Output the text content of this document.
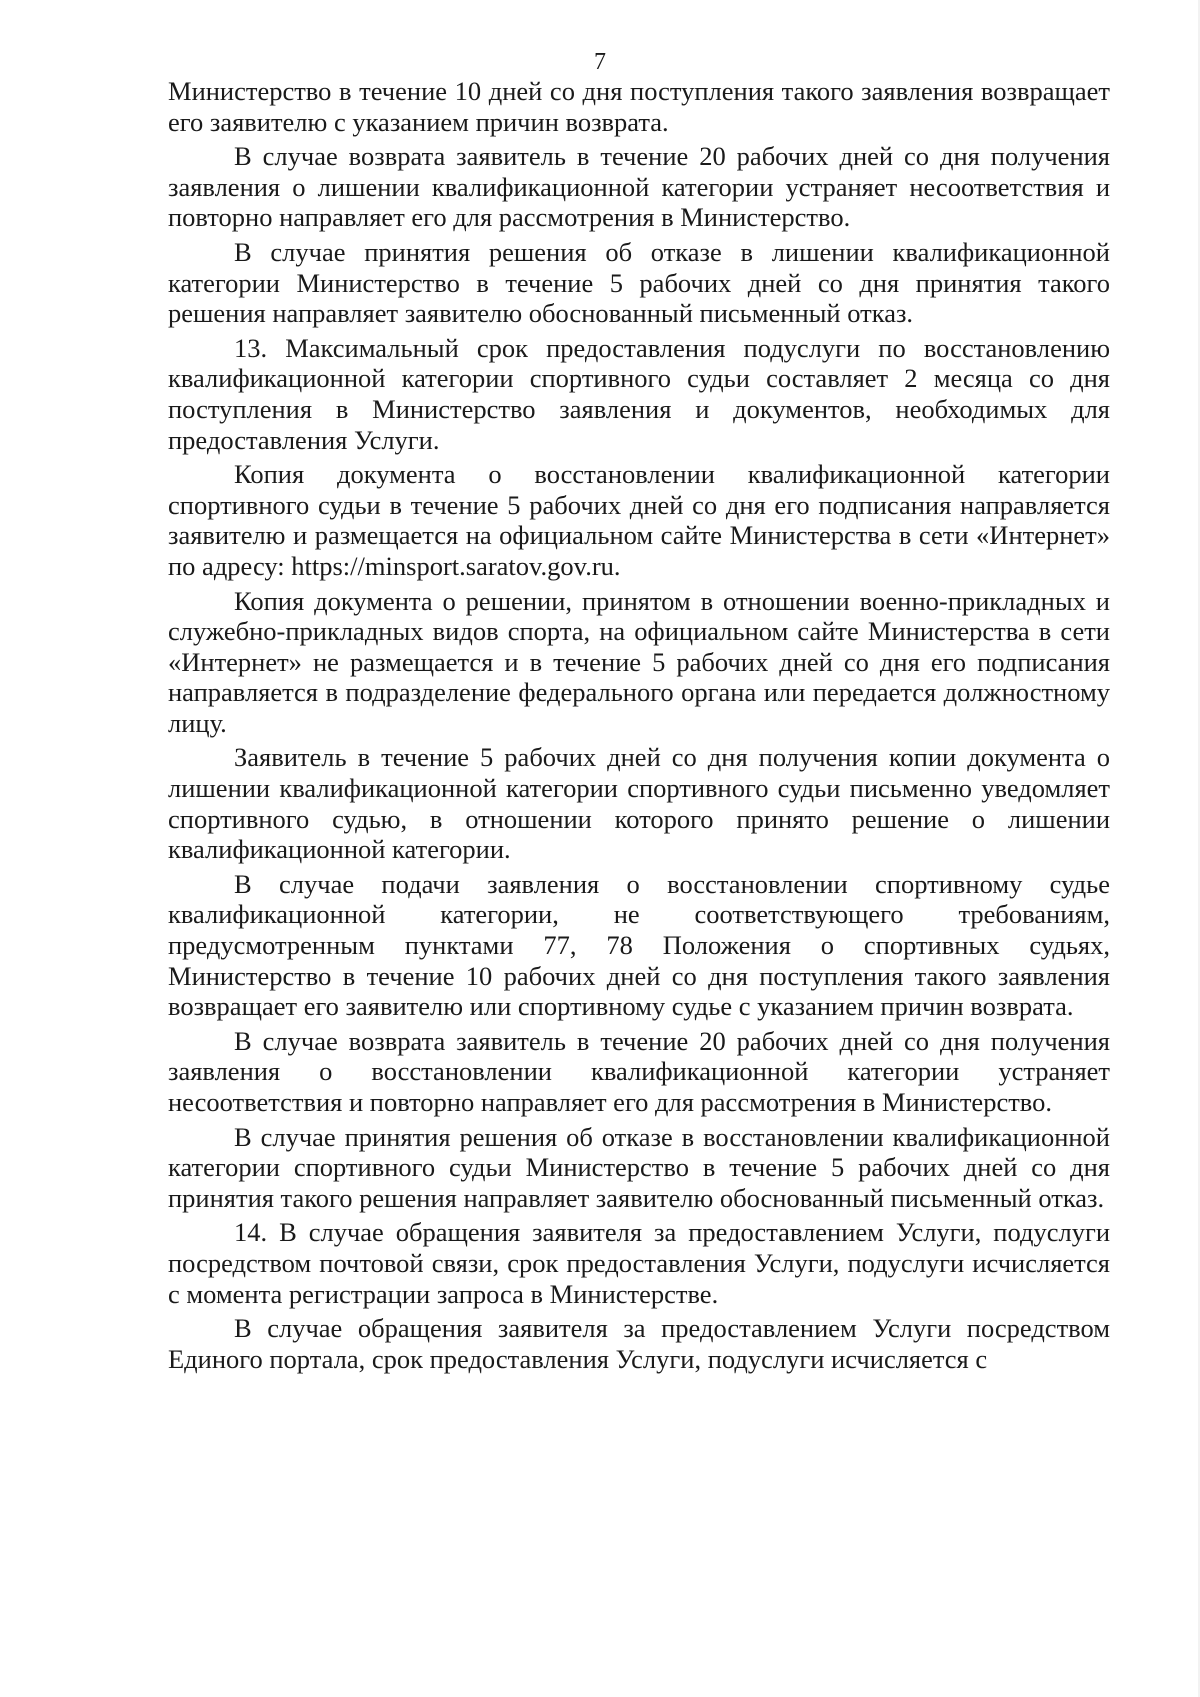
7

Министерство в течение 10 дней со дня поступления такого заявления возвращает его заявителю с указанием причин возврата.

В случае возврата заявитель в течение 20 рабочих дней со дня получения заявления о лишении квалификационной категории устраняет несоответствия и повторно направляет его для рассмотрения в Министерство.

В случае принятия решения об отказе в лишении квалификационной категории Министерство в течение 5 рабочих дней со дня принятия такого решения направляет заявителю обоснованный письменный отказ.

13. Максимальный срок предоставления подуслуги по восстановлению квалификационной категории спортивного судьи составляет 2 месяца со дня поступления в Министерство заявления и документов, необходимых для предоставления Услуги.

Копия документа о восстановлении квалификационной категории спортивного судьи в течение 5 рабочих дней со дня его подписания направляется заявителю и размещается на официальном сайте Министерства в сети «Интернет» по адресу: https://minsport.saratov.gov.ru.

Копия документа о решении, принятом в отношении военно-прикладных и служебно-прикладных видов спорта, на официальном сайте Министерства в сети «Интернет» не размещается и в течение 5 рабочих дней со дня его подписания направляется в подразделение федерального органа или передается должностному лицу.

Заявитель в течение 5 рабочих дней со дня получения копии документа о лишении квалификационной категории спортивного судьи письменно уведомляет спортивного судью, в отношении которого принято решение о лишении квалификационной категории.

В случае подачи заявления о восстановлении спортивному судье квалификационной категории, не соответствующего требованиям, предусмотренным пунктами 77, 78 Положения о спортивных судьях, Министерство в течение 10 рабочих дней со дня поступления такого заявления возвращает его заявителю или спортивному судье с указанием причин возврата.

В случае возврата заявитель в течение 20 рабочих дней со дня получения заявления о восстановлении квалификационной категории устраняет несоответствия и повторно направляет его для рассмотрения в Министерство.

В случае принятия решения об отказе в восстановлении квалификационной категории спортивного судьи Министерство в течение 5 рабочих дней со дня принятия такого решения направляет заявителю обоснованный письменный отказ.

14. В случае обращения заявителя за предоставлением Услуги, подуслуги посредством почтовой связи, срок предоставления Услуги, подуслуги исчисляется с момента регистрации запроса в Министерстве.

В случае обращения заявителя за предоставлением Услуги посредством Единого портала, срок предоставления Услуги, подуслуги исчисляется с
